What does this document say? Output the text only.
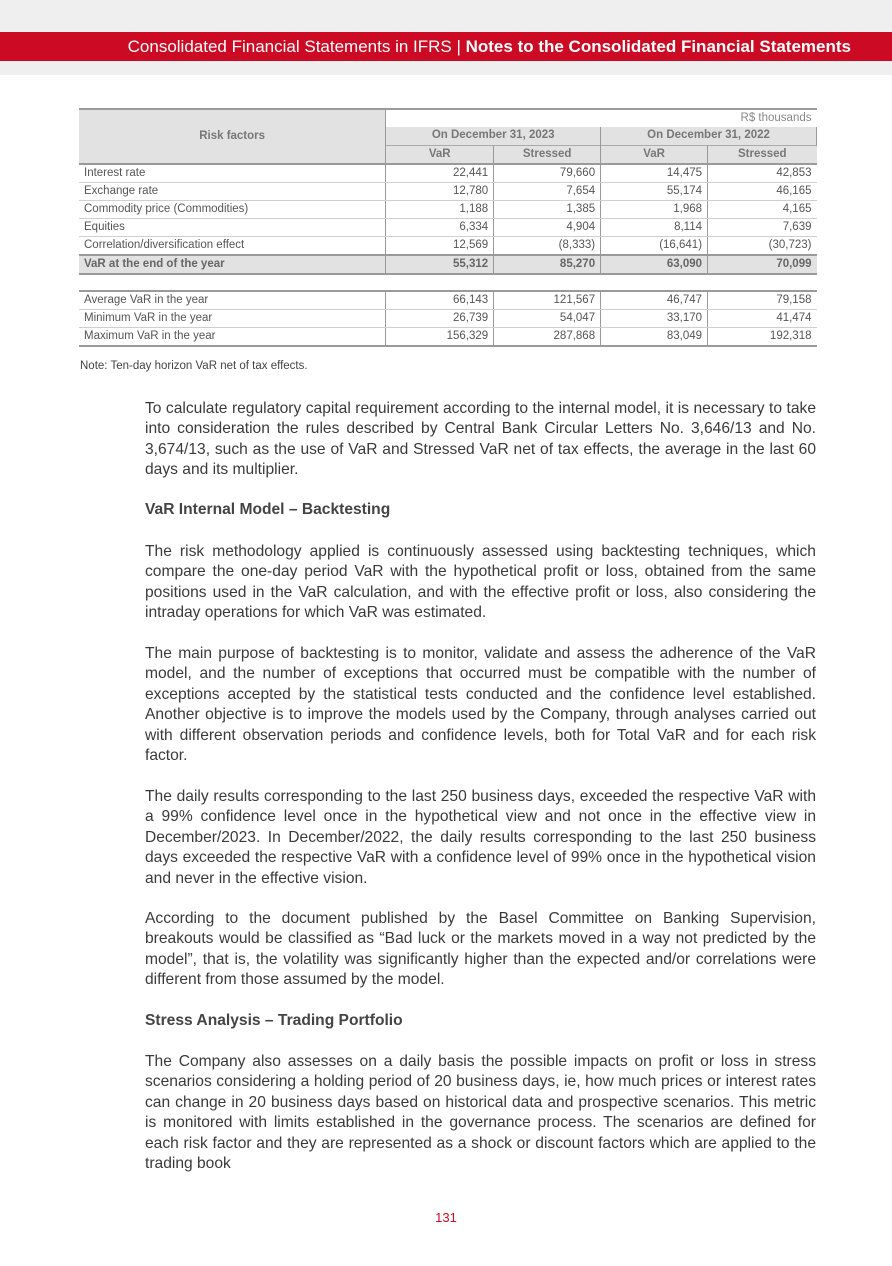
Consolidated Financial Statements in IFRS | Notes to the Consolidated Financial Statements
Risk factors	R$ thousands			
	On December 31, 2023		On December 31, 2022	
	VaR	Stressed	VaR	Stressed
Interest rate	22,441	79,660	14,475	42,853
Exchange rate	12,780	7,654	55,174	46,165
Commodity price (Commodities)	1,188	1,385	1,968	4,165
Equities	6,334	4,904	8,114	7,639
Correlation/diversification effect	12,569	(8,333)	(16,641)	(30,723)
VaR at the end of the year	55,312	85,270	63,090	70,099

Average VaR in the year	66,143	121,567	46,747	79,158
Minimum VaR in the year	26,739	54,047	33,170	41,474
Maximum VaR in the year	156,329	287,868	83,049	192,318
Note: Ten-day horizon VaR net of tax effects.

To calculate regulatory capital requirement according to the internal model, it is necessary to take into consideration the rules described by Central Bank Circular Letters No. 3,646/13 and No. 3,674/13, such as the use of VaR and Stressed VaR net of tax effects, the average in the last 60 days and its multiplier.

VaR Internal Model – Backtesting

The risk methodology applied is continuously assessed using backtesting techniques, which compare the one-day period VaR with the hypothetical profit or loss, obtained from the same positions used in the VaR calculation, and with the effective profit or loss, also considering the intraday operations for which VaR was estimated.

The main purpose of backtesting is to monitor, validate and assess the adherence of the VaR model, and the number of exceptions that occurred must be compatible with the number of exceptions accepted by the statistical tests conducted and the confidence level established. Another objective is to improve the models used by the Company, through analyses carried out with different observation periods and confidence levels, both for Total VaR and for each risk factor.

The daily results corresponding to the last 250 business days, exceeded the respective VaR with a 99% confidence level once in the hypothetical view and not once in the effective view in December/2023. In December/2022, the daily results corresponding to the last 250 business days exceeded the respective VaR with a confidence level of 99% once in the hypothetical vision and never in the effective vision.

According to the document published by the Basel Committee on Banking Supervision, breakouts would be classified as “Bad luck or the markets moved in a way not predicted by the model”, that is, the volatility was significantly higher than the expected and/or correlations were different from those assumed by the model.

Stress Analysis – Trading Portfolio

The Company also assesses on a daily basis the possible impacts on profit or loss in stress scenarios considering a holding period of 20 business days, ie, how much prices or interest rates can change in 20 business days based on historical data and prospective scenarios. This metric is monitored with limits established in the governance process. The scenarios are defined for each risk factor and they are represented as a shock or discount factors which are applied to the trading book

131
